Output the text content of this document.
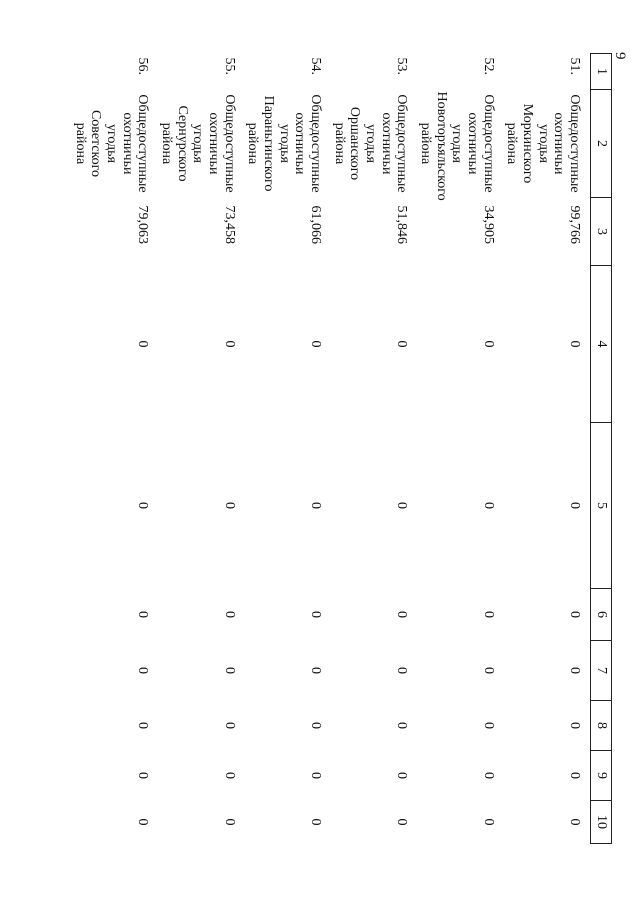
9
1	2	3	4	5	6	7	8	9	10
51.	Общедоступные охотничьи угодья Моркинского района	99,766	0	0	0	0	0	0	0
52.	Общедоступные охотничьи угодья Новоторъяльского района	34,905	0	0	0	0	0	0	0
53.	Общедоступные охотничьи угодья Оршанского района	51,846	0	0	0	0	0	0	0
54.	Общедоступные охотничьи угодья Параньгинского района	61,066	0	0	0	0	0	0	0
55.	Общедоступные охотничьи угодья Сернурского района	73,458	0	0	0	0	0	0	0
56.	Общедоступные охотничьи угодья Советского района	79,063	0	0	0	0	0	0	0
